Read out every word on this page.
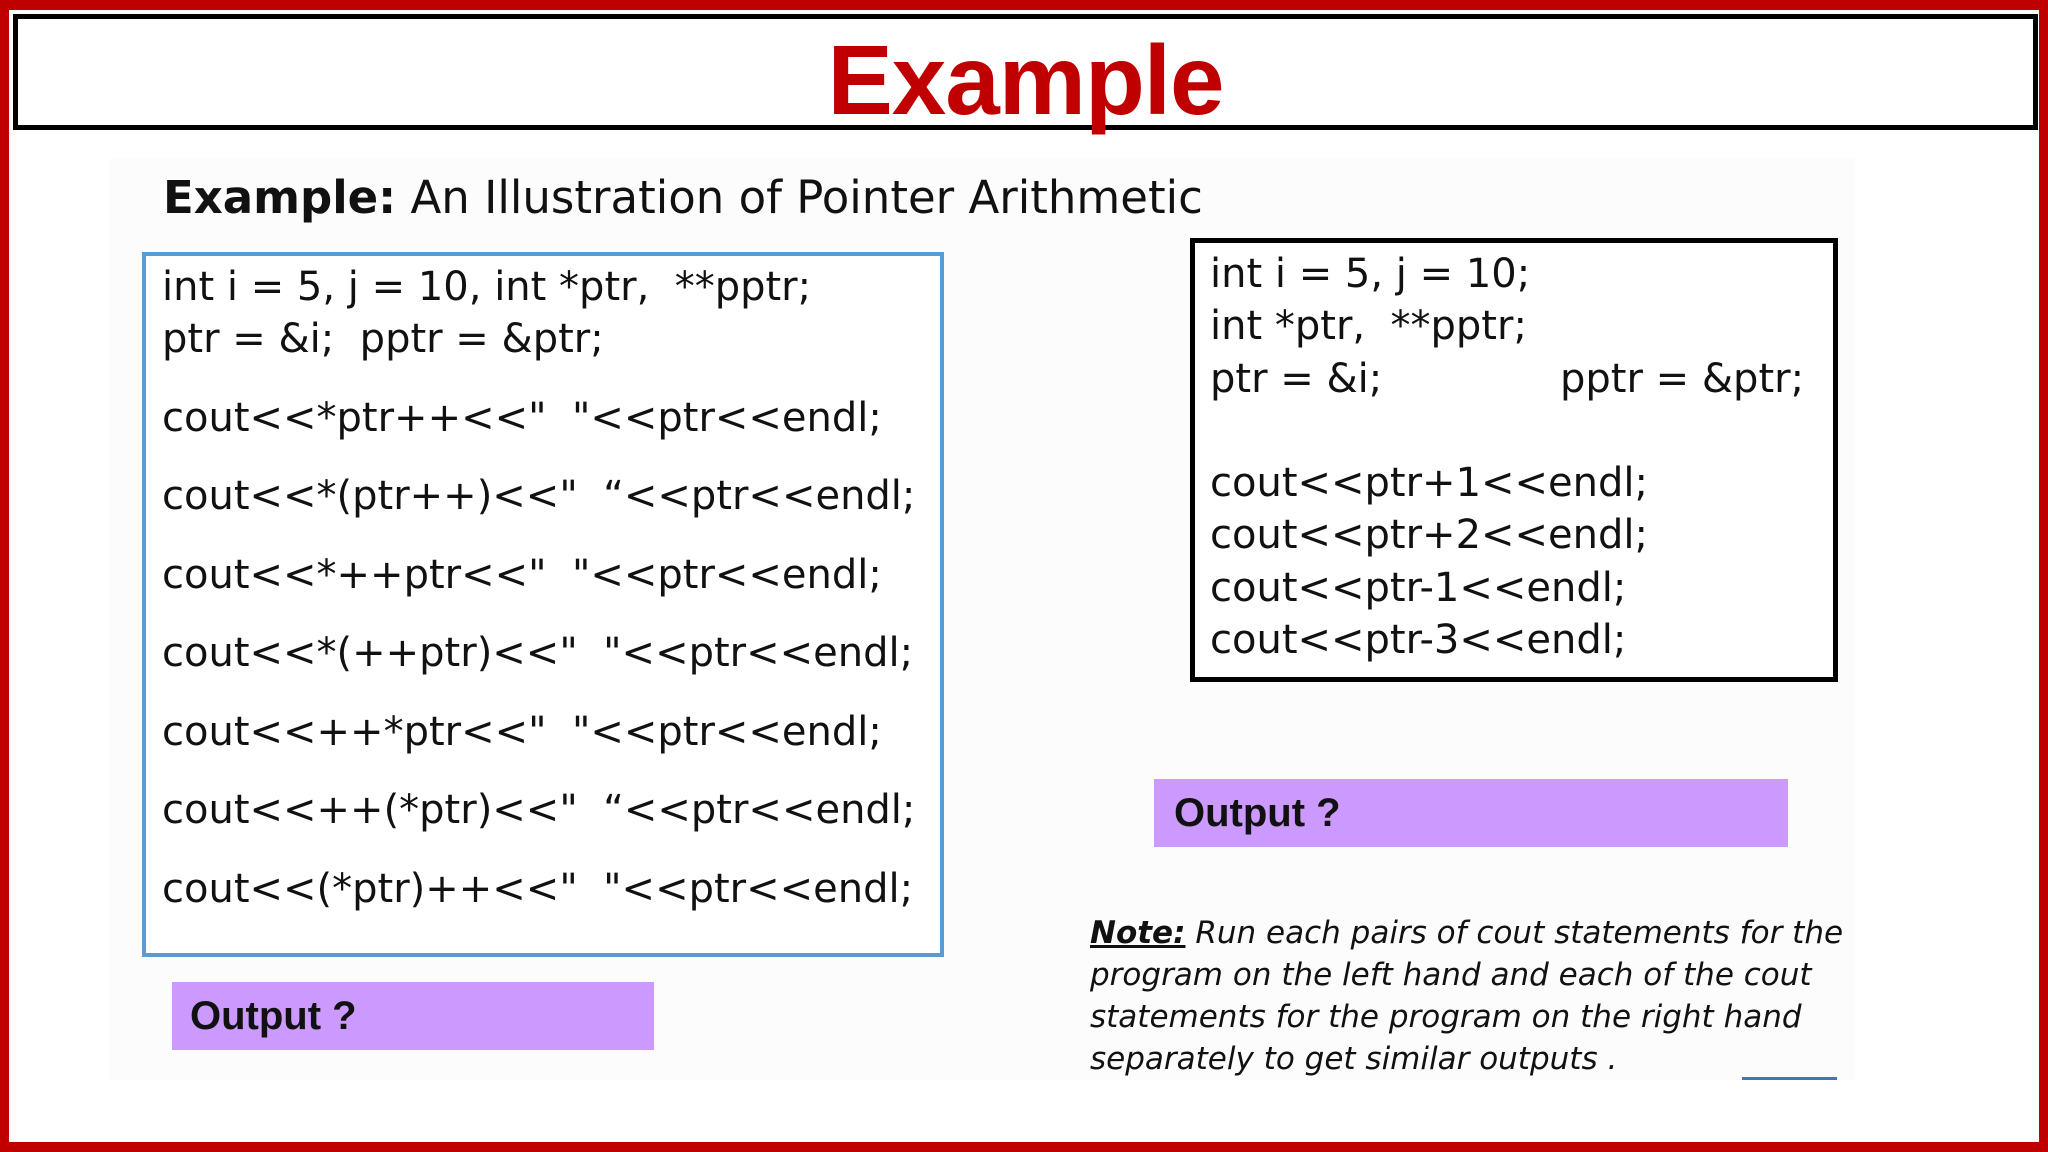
Example
Example: An Illustration of Pointer Arithmetic
int i = 5, j = 10, int *ptr,  **pptr;
ptr = &i;  pptr = &ptr;
cout<<*ptr++<<"  "<<ptr<<endl;
cout<<*(ptr++)<<"  “<<ptr<<endl;
cout<<*++ptr<<"  "<<ptr<<endl;
cout<<*(++ptr)<<"  "<<ptr<<endl;
cout<<++*ptr<<"  "<<ptr<<endl;
cout<<++(*ptr)<<"  “<<ptr<<endl;
cout<<(*ptr)++<<"  "<<ptr<<endl;
int i = 5, j = 10;
int *ptr,  **pptr;
ptr = &i;	pptr = &ptr;
cout<<ptr+1<<endl;
cout<<ptr+2<<endl;
cout<<ptr-1<<endl;
cout<<ptr-3<<endl;
Output ?
Output ?
Note: Run each pairs of cout statements for the program on the left hand and each of the cout statements for the program on the right hand separately to get similar outputs .
